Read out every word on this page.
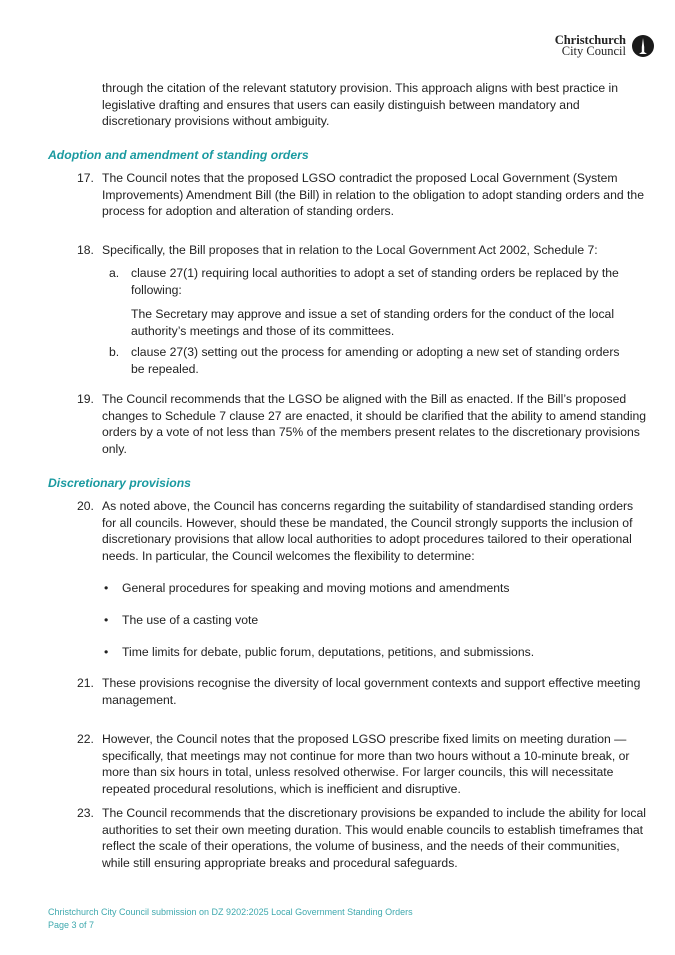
Christchurch
City Council
through the citation of the relevant statutory provision. This approach aligns with best practice in legislative drafting and ensures that users can easily distinguish between mandatory and discretionary provisions without ambiguity.
Adoption and amendment of standing orders
17. The Council notes that the proposed LGSO contradict the proposed Local Government (System Improvements) Amendment Bill (the Bill) in relation to the obligation to adopt standing orders and the process for adoption and alteration of standing orders.
18. Specifically, the Bill proposes that in relation to the Local Government Act 2002, Schedule 7:
a. clause 27(1) requiring local authorities to adopt a set of standing orders be replaced by the following:
The Secretary may approve and issue a set of standing orders for the conduct of the local authority’s meetings and those of its committees.
b. clause 27(3) setting out the process for amending or adopting a new set of standing orders be repealed.
19. The Council recommends that the LGSO be aligned with the Bill as enacted. If the Bill’s proposed changes to Schedule 7 clause 27 are enacted, it should be clarified that the ability to amend standing orders by a vote of not less than 75% of the members present relates to the discretionary provisions only.
Discretionary provisions
20. As noted above, the Council has concerns regarding the suitability of standardised standing orders for all councils. However, should these be mandated, the Council strongly supports the inclusion of discretionary provisions that allow local authorities to adopt procedures tailored to their operational needs. In particular, the Council welcomes the flexibility to determine:
• General procedures for speaking and moving motions and amendments
• The use of a casting vote
• Time limits for debate, public forum, deputations, petitions, and submissions.
21. These provisions recognise the diversity of local government contexts and support effective meeting management.
22. However, the Council notes that the proposed LGSO prescribe fixed limits on meeting duration — specifically, that meetings may not continue for more than two hours without a 10-minute break, or more than six hours in total, unless resolved otherwise. For larger councils, this will necessitate repeated procedural resolutions, which is inefficient and disruptive.
23. The Council recommends that the discretionary provisions be expanded to include the ability for local authorities to set their own meeting duration. This would enable councils to establish timeframes that reflect the scale of their operations, the volume of business, and the needs of their communities, while still ensuring appropriate breaks and procedural safeguards.
Christchurch City Council submission on DZ 9202:2025 Local Government Standing Orders
Page 3 of 7
